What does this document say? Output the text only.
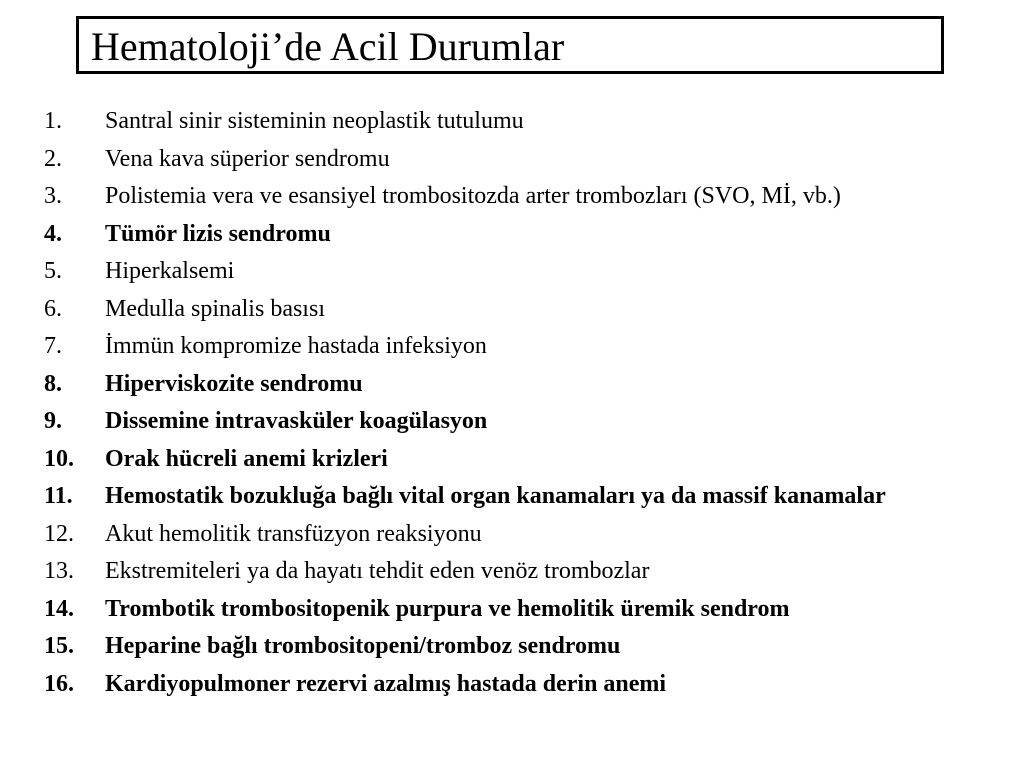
Hematoloji’de Acil Durumlar
1.	Santral sinir sisteminin neoplastik tutulumu
2.	Vena kava süperior sendromu
3.	Polistemia vera ve esansiyel trombositozda arter trombozları (SVO, Mİ, vb.)
4.	Tümör lizis sendromu
5.	Hiperkalsemi
6.	Medulla spinalis basısı
7.	İmmün kompromize hastada infeksiyon
8.	Hiperviskozite sendromu
9.	Dissemine intravasküler koagülasyon
10.	Orak hücreli anemi krizleri
11.	Hemostatik bozukluğa bağlı vital organ kanamaları ya da massif kanamalar
12.	Akut hemolitik transfüzyon reaksiyonu
13.	Ekstremiteleri ya da hayatı tehdit eden venöz trombozlar
14.	Trombotik trombositopenik purpura ve hemolitik üremik sendrom
15.	Heparine bağlı trombositopeni/tromboz sendromu
16.	Kardiyopulmoner rezervi azalmış hastada derin anemi
